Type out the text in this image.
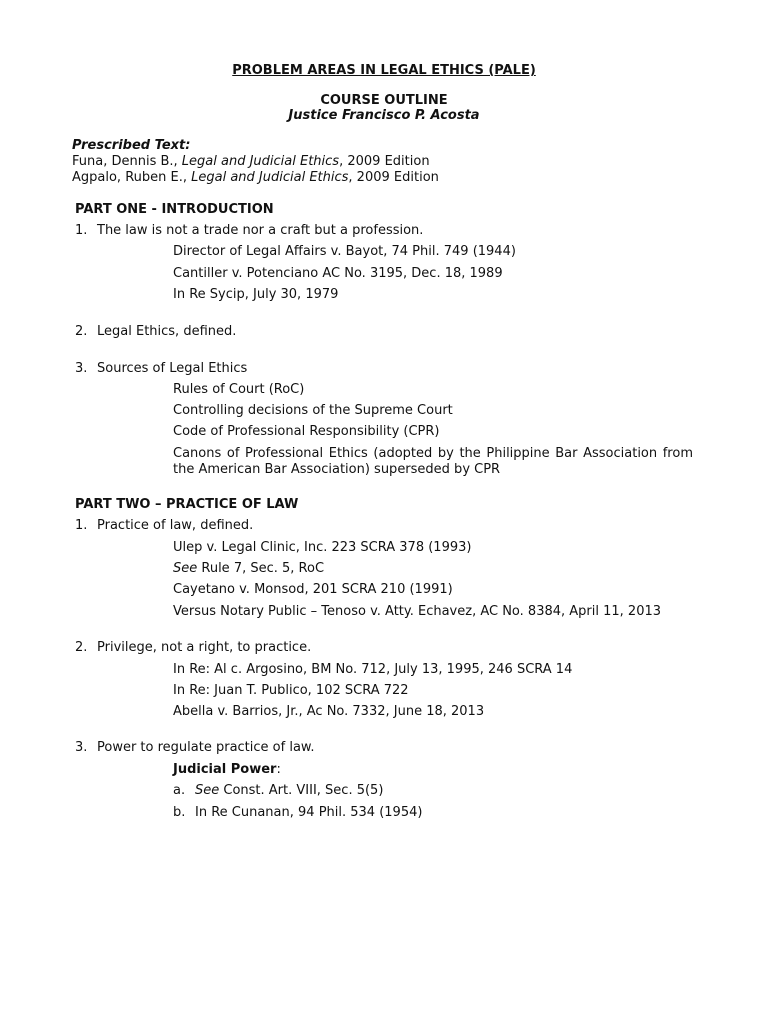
PROBLEM AREAS IN LEGAL ETHICS (PALE)
COURSE OUTLINE
Justice Francisco P. Acosta
Prescribed Text:
Funa, Dennis B., Legal and Judicial Ethics, 2009 Edition
Agpalo, Ruben E., Legal and Judicial Ethics, 2009 Edition
PART ONE - INTRODUCTION
1. The law is not a trade nor a craft but a profession.
Director of Legal Affairs v. Bayot, 74 Phil. 749 (1944)
Cantiller v. Potenciano AC No. 3195, Dec. 18, 1989
In Re Sycip, July 30, 1979
2. Legal Ethics, defined.
3. Sources of Legal Ethics
Rules of Court (RoC)
Controlling decisions of the Supreme Court
Code of Professional Responsibility (CPR)
Canons of Professional Ethics (adopted by the Philippine Bar Association from the American Bar Association) superseded by CPR
PART TWO – PRACTICE OF LAW
1. Practice of law, defined.
Ulep v. Legal Clinic, Inc. 223 SCRA 378 (1993)
See Rule 7, Sec. 5, RoC
Cayetano v. Monsod, 201 SCRA 210 (1991)
Versus Notary Public – Tenoso v. Atty. Echavez, AC No. 8384, April 11, 2013
2. Privilege, not a right, to practice.
In Re: Al c. Argosino, BM No. 712, July 13, 1995, 246 SCRA 14
In Re: Juan T. Publico, 102 SCRA 722
Abella v. Barrios, Jr., Ac No. 7332, June 18, 2013
3. Power to regulate practice of law.
Judicial Power:
a. See Const. Art. VIII, Sec. 5(5)
b. In Re Cunanan, 94 Phil. 534 (1954)
